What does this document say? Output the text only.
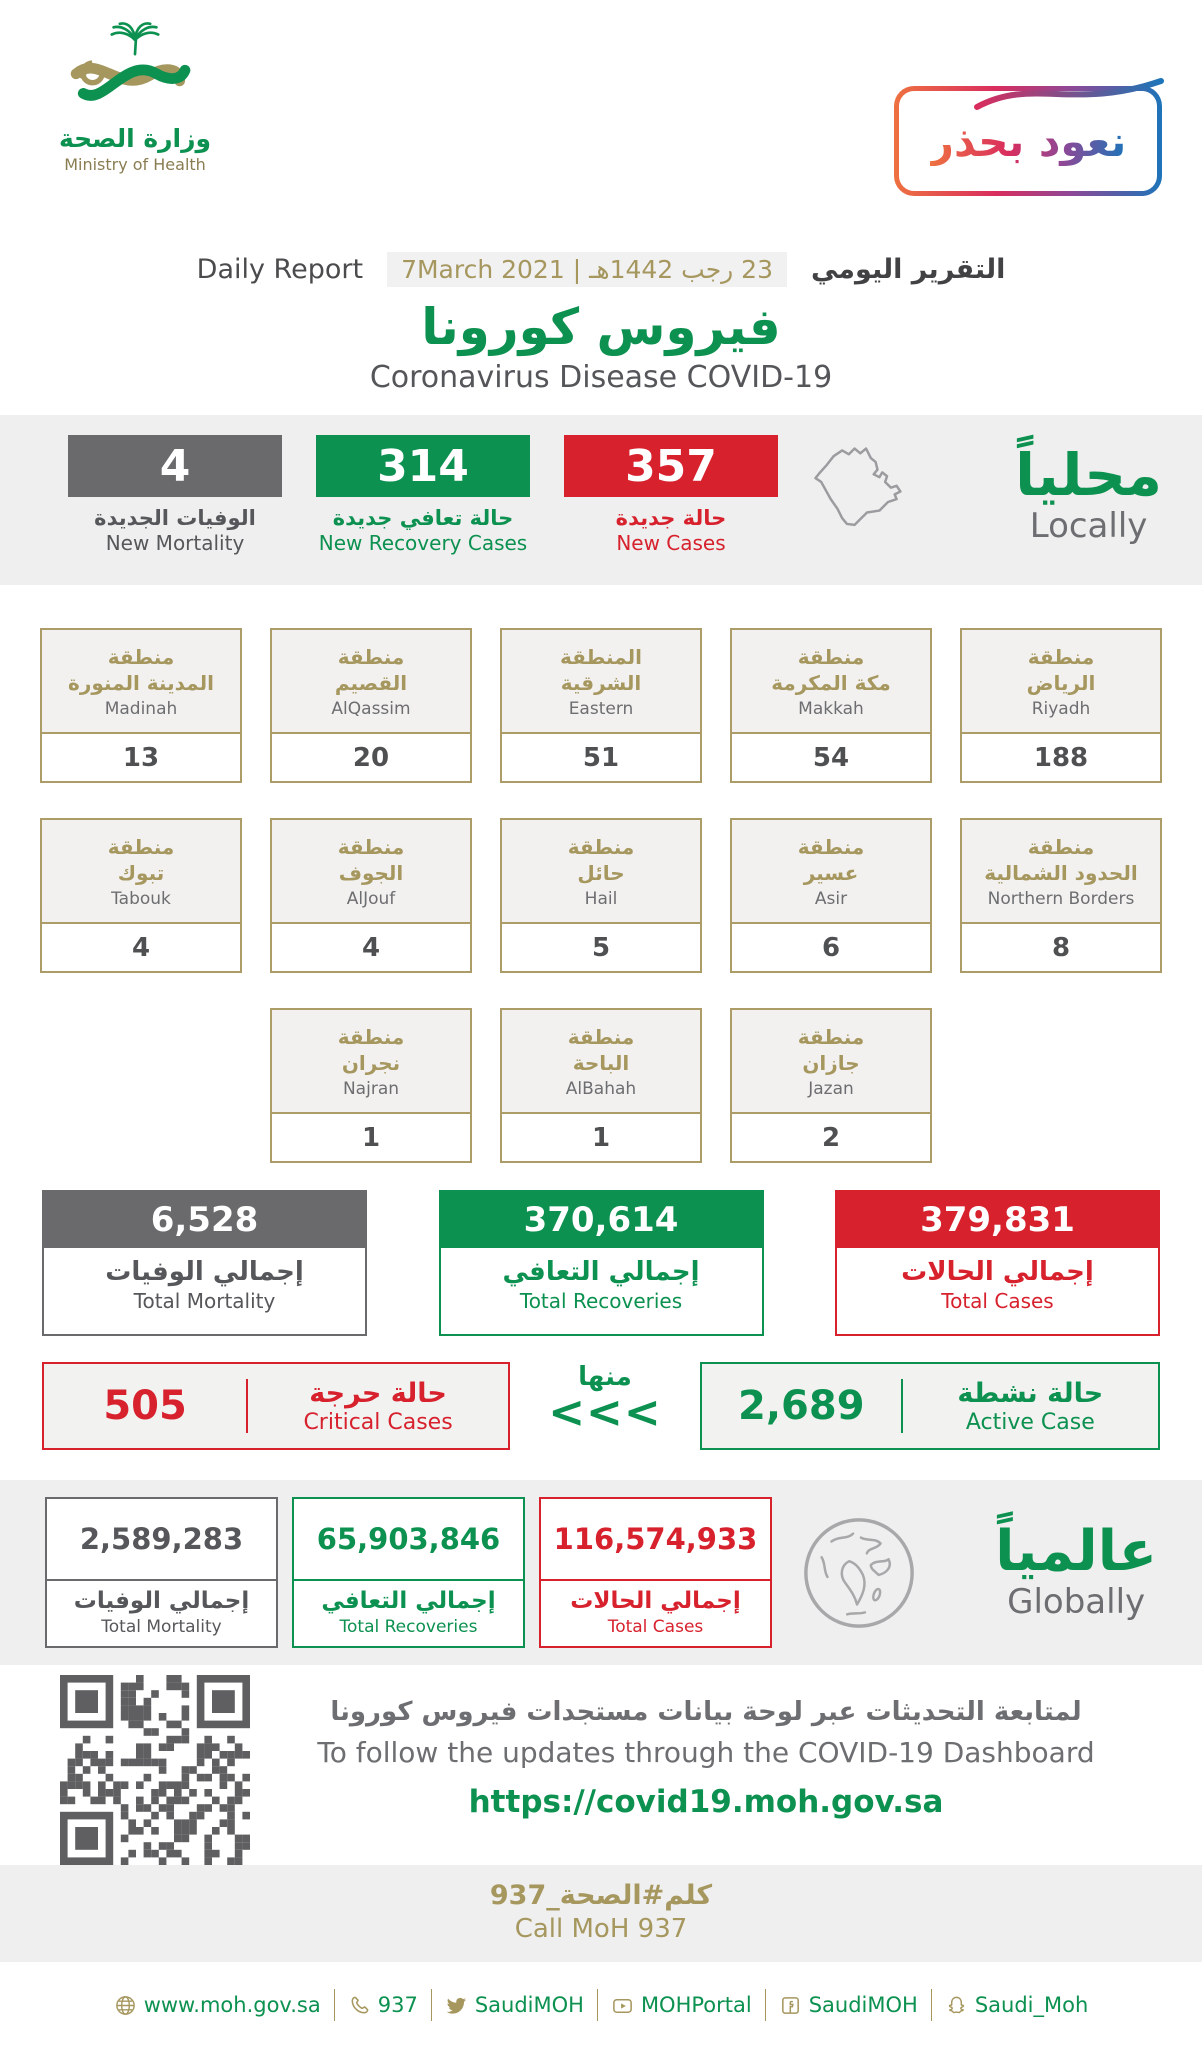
وزارة الصحة
Ministry of Health	نعود بحذر
Daily Report	23 رجب 1442هـ | 7March 2021	التقرير اليومي
فيروس كورونا
Coronavirus Disease COVID-19
4
الوفيات الجديدة
New Mortality
314
حالة تعافي جديدة
New Recovery Cases
357
حالة جديدة
New Cases
محلياً
Locally
منطقة
المدينة المنورة
Madinah
13
منطقة
القصيم
AlQassim
20
المنطقة
الشرقية
Eastern
51
منطقة
مكة المكرمة
Makkah
54
منطقة
الرياض
Riyadh
188
منطقة
تبوك
Tabouk
4
منطقة
الجوف
AlJouf
4
منطقة
حائل
Hail
5
منطقة
عسير
Asir
6
منطقة
الحدود الشمالية
Northern Borders
8
منطقة
نجران
Najran
1
منطقة
الباحة
AlBahah
1
منطقة
جازان
Jazan
2
6,528
إجمالي الوفيات
Total Mortality
370,614
إجمالي التعافي
Total Recoveries
379,831
إجمالي الحالات
Total Cases
505	حالة حرجة
Critical Cases
منها
<<<	2,689	حالة نشطة
Active Case
2,589,283
إجمالي الوفيات
Total Mortality
65,903,846
إجمالي التعافي
Total Recoveries
116,574,933
إجمالي الحالات
Total Cases
عالمياً
Globally
لمتابعة التحديثات عبر لوحة بيانات مستجدات فيروس كورونا
To follow the updates through the COVID-19 Dashboard
https://covid19.moh.gov.sa
كلم#الصحة_937
Call MoH 937
www.moh.gov.sa	937	SaudiMOH	MOHPortal	SaudiMOH	Saudi_Moh
